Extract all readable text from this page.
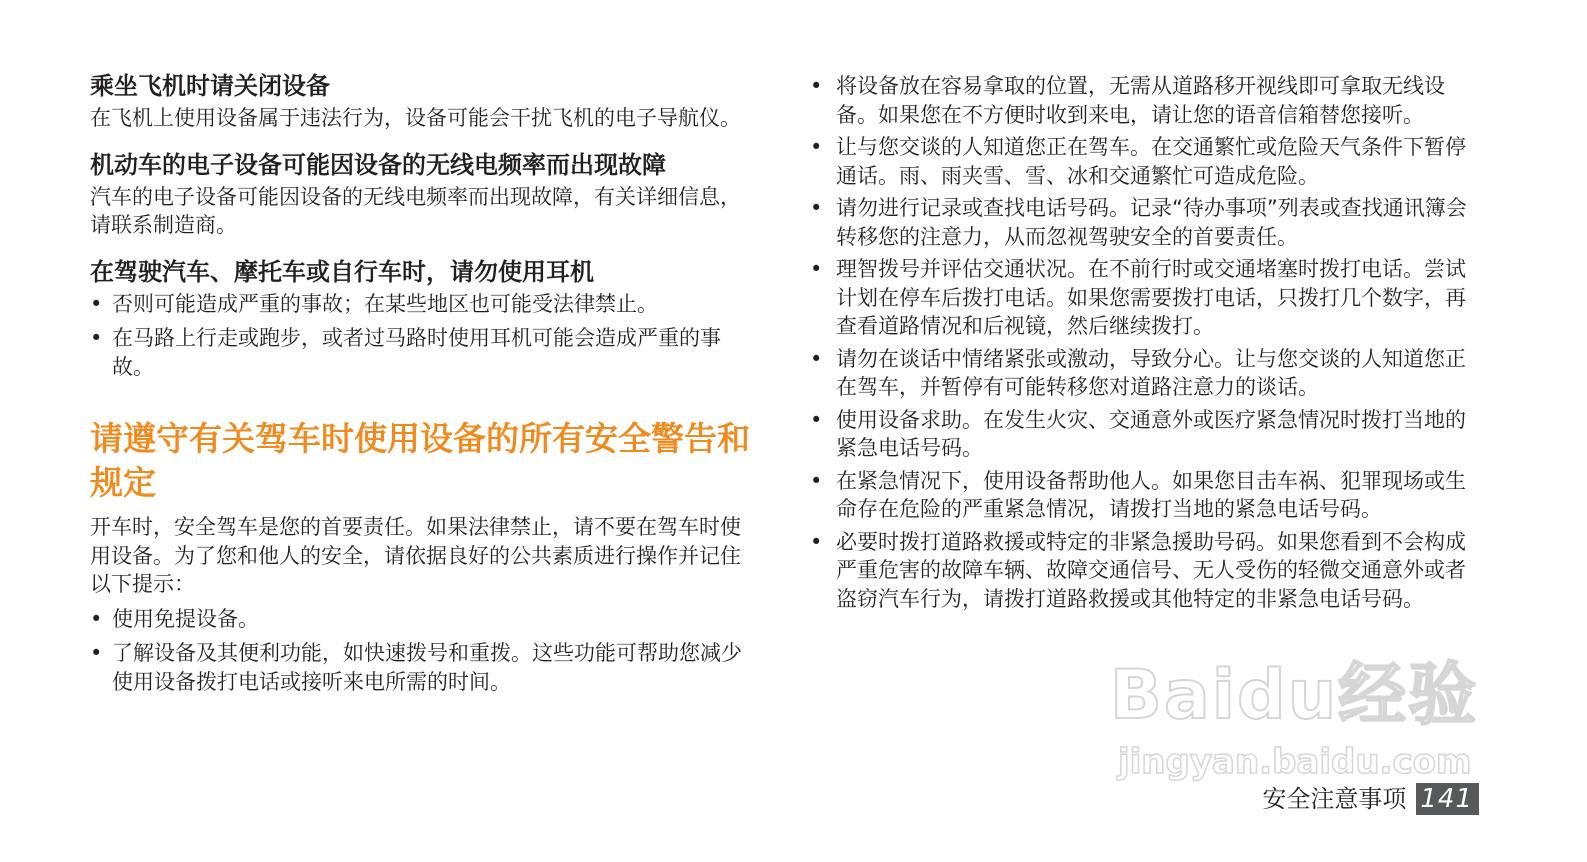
乘坐飞机时请关闭设备

在飞机上使用设备属于违法行为，设备可能会干扰飞机的电子导航仪。

机动车的电子设备可能因设备的无线电频率而出现故障

汽车的电子设备可能因设备的无线电频率而出现故障，有关详细信息，请联系制造商。

在驾驶汽车、摩托车或自行车时，请勿使用耳机
• 否则可能造成严重的事故；在某些地区也可能受法律禁止。
• 在马路上行走或跑步，或者过马路时使用耳机可能会造成严重的事故。
请遵守有关驾车时使用设备的所有安全警告和规定

开车时，安全驾车是您的首要责任。如果法律禁止，请不要在驾车时使用设备。为了您和他人的安全，请依据良好的公共素质进行操作并记住以下提示：

• 使用免提设备。
• 了解设备及其便利功能，如快速拨号和重拨。这些功能可帮助您减少使用设备拨打电话或接听来电所需的时间。
• 将设备放在容易拿取的位置，无需从道路移开视线即可拿取无线设备。如果您在不方便时收到来电，请让您的语音信箱替您接听。
• 让与您交谈的人知道您正在驾车。在交通繁忙或危险天气条件下暂停通话。雨、雨夹雪、雪、冰和交通繁忙可造成危险。
• 请勿进行记录或查找电话号码。记录“待办事项”列表或查找通讯簿会转移您的注意力，从而忽视驾驶安全的首要责任。
• 理智拨号并评估交通状况。在不前行时或交通堵塞时拨打电话。尝试计划在停车后拨打电话。如果您需要拨打电话，只拨打几个数字，再查看道路情况和后视镜，然后继续拨打。
• 请勿在谈话中情绪紧张或激动，导致分心。让与您交谈的人知道您正在驾车，并暂停有可能转移您对道路注意力的谈话。
• 使用设备求助。在发生火灾、交通意外或医疗紧急情况时拨打当地的紧急电话号码。
• 在紧急情况下，使用设备帮助他人。如果您目击车祸、犯罪现场或生命存在危险的严重紧急情况，请拨打当地的紧急电话号码。
• 必要时拨打道路救援或特定的非紧急援助号码。如果您看到不会构成严重危害的故障车辆、故障交通信号、无人受伤的轻微交通意外或者盗窃汽车行为，请拨打道路救援或其他特定的非紧急电话号码。
Baidu经验
jingyan.baidu.com
安全注意事项 141
